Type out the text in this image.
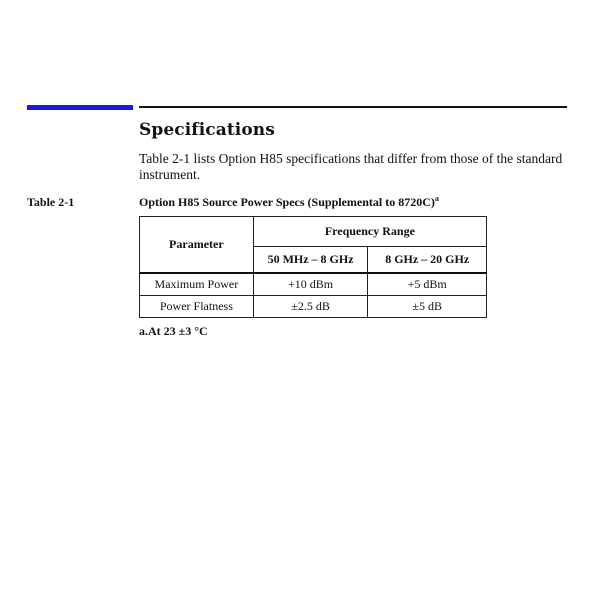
Specifications

Table 2-1 lists Option H85 specifications that differ from those of the standard instrument.

Table 2-1	Option H85 Source Power Specs (Supplemental to 8720C)$^a$
Parameter	Frequency Range	
	50 MHz – 8 GHz	8 GHz – 20 GHz
Maximum Power	+10 dBm	+5 dBm
Power Flatness	±2.5 dB	±5 dB
a.At 23 ±3 °C
